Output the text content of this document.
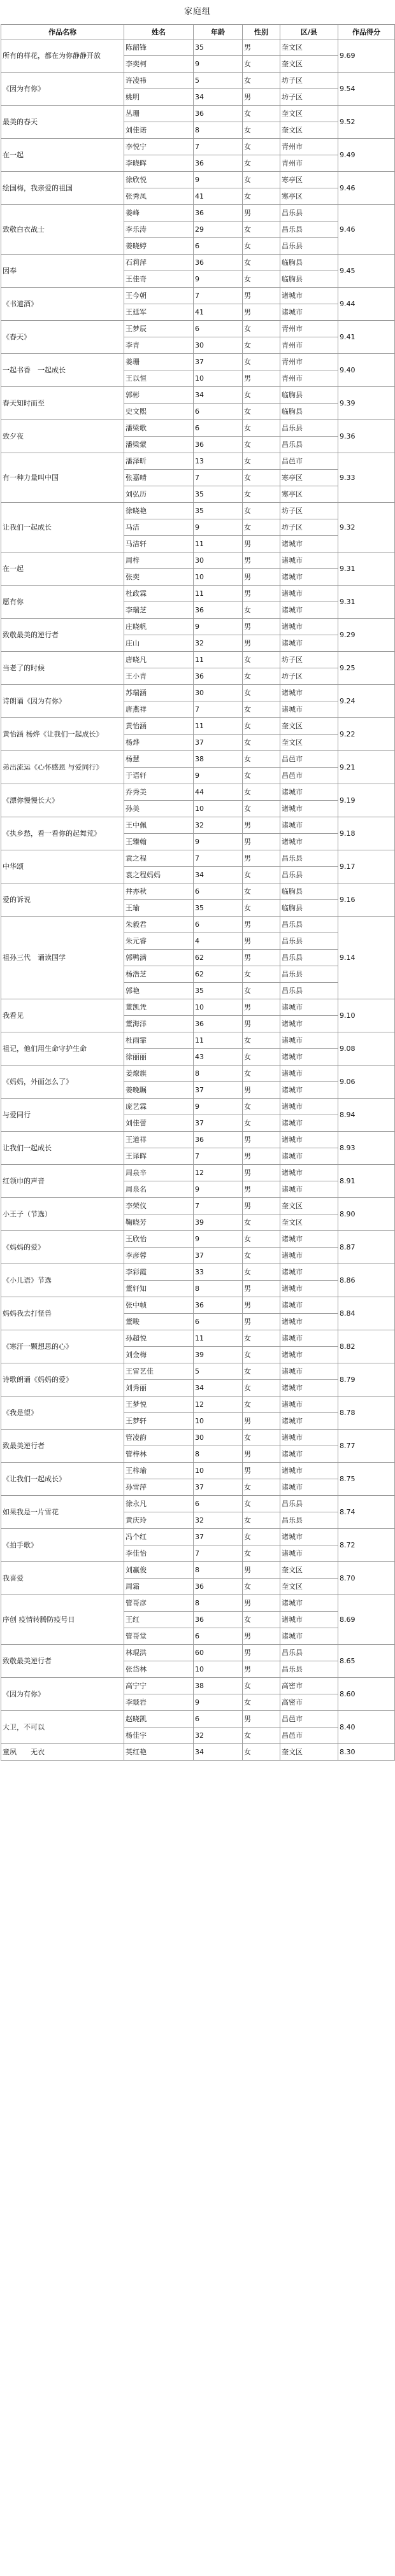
家庭组
作品名称	姓名	年龄	性别	区/县	作品得分
所有的样花，都在为你静静开放	陈韶锋	35	男	奎文区	9.69
	李奕柯	9	女	奎文区	
《因为有你》	许凌祎	5	女	坊子区	9.54
	姚明	34	男	坊子区	
最美的春天	丛珊	36	女	奎文区	9.52
	刘佳诺	8	女	奎文区	
在一起	李悦宁	7	女	青州市	9.49
	李晓晖	36	女	青州市	
绘国梅，我亲爱的祖国	徐欣悦	9	女	寒亭区	9.46
	张秀凤	41	女	寒亭区	
致敬白衣战士	姜峰	36	男	昌乐县	9.46
	李乐涛	29	女	昌乐县	
	姜晓婷	6	女	昌乐县	
因奉	石莉萍	36	女	临朐县	9.45
	王佳奇	9	女	临朐县	
《书道酒》	王今朝	7	男	诸城市	9.44
	王廷军	41	男	诸城市	
《春天》	王梦辰	6	女	青州市	9.41
	李青	30	女	青州市	
一起书香　一起成长	姜珊	37	女	青州市	9.40
	王以恒	10	男	青州市	
春天知时而至	郭彬	34	女	临朐县	9.39
	史文熙	6	女	临朐县	
致夕夜	潘梁歌	6	女	昌乐县	9.36
	潘梁蒙	36	女	昌乐县	
有一种力量叫中国	潘泽昕	13	女	昌邑市	9.33
	张嘉晴	7	女	寒亭区	
	刘弘历	35	女	寒亭区	
让我们一起成长	徐晓艳	35	女	坊子区	9.32
	马洁	9	女	坊子区	
	马洁轩	11	男	诸城市	
在一起	周梓	30	男	诸城市	9.31
	张奕	10	男	诸城市	
愿有你	杜政霖	11	男	诸城市	9.31
	李瑞芝	36	女	诸城市	
致敬最美的逆行者	庄晓帆	9	男	诸城市	9.29
	庄山	32	男	诸城市	
当老了的时候	唐晓凡	11	女	坊子区	9.25
	王小青	36	女	坊子区	
诗朗诵《因为有你》	苏瑞涵	30	女	诸城市	9.24
	唐燕祥	7	女	诸城市	
黄怡涵 杨烨《让我们一起成长》	黄怡涵	11	女	奎文区	9.22
	杨烨	37	女	奎文区	
弟出流运《心怀感恩 与爱同行》	杨慧	38	女	昌邑市	9.21
	于语轩	9	女	昌邑市	
《漂你慢慢长大》	乔秀美	44	女	诸城市	9.19
	孙美	10	女	诸城市	
《执乡愁，看一看你的起舞荒》	王中佩	32	男	诸城市	9.18
	王臻翰	9	男	诸城市	
中华颂	袁之程	7	男	昌乐县	9.17
	袁之程妈妈	34	女	昌乐县	
爱的诉说	井亦秋	6	女	临朐县	9.16
	王瑜	35	女	临朐县	
祖孙三代　诵读国学	朱毅君	6	男	昌乐县	9.14
	朱元睿	4	男	昌乐县	
	郭鸭满	62	男	昌乐县	
	杨浩芝	62	女	昌乐县	
	郭艳	35	女	昌乐县	
我看见	董凯凭	10	男	诸城市	9.10
	董海洋	36	男	诸城市	
祖记，他们用生命守护生命	杜雨霏	11	女	诸城市	9.08
	徐丽丽	43	女	诸城市	
《妈妈，外面怎么了》	姜燎旗	8	女	诸城市	9.06
	姜晚瞩	37	男	诸城市	
与爱同行	庞艺霖	9	女	诸城市	8.94
	刘佳蕾	37	女	诸城市	
让我们一起成长	王道祥	36	男	诸城市	8.93
	王译晖	7	男	诸城市	
红领巾的声音	周泉辛	12	男	诸城市	8.91
	周泉名	9	男	诸城市	
小王子（节选）	李荣仪	7	男	奎文区	8.90
	鞠晓芳	39	女	奎文区	
《妈妈的爱》	王欣怡	9	女	诸城市	8.87
	李彦蓉	37	女	诸城市	
《小儿语》节选	李彩霞	33	女	诸城市	8.86
	董轩知	8	男	诸城市	
妈妈我去打怪兽	张中帧	36	男	诸城市	8.84
	董畯	6	男	诸城市	
《寒汗一颗想思的心》	孙超悦	11	女	诸城市	8.82
	刘金梅	39	女	诸城市	
诗歌朗诵《妈妈的爱》	王雷艺佳	5	女	诸城市	8.79
	刘秀丽	34	女	诸城市	
《我是望》	王梦悦	12	女	诸城市	8.78
	王梦轩	10	男	诸城市	
致最美逆行者	管凌韵	30	女	诸城市	8.77
	管梓林	8	男	诸城市	
《让我们一起成长》	王梓瑜	10	男	诸城市	8.75
	孙雪萍	37	女	诸城市	
如果我是一片雪花	徐永凡	6	女	昌乐县	8.74
	黄庆玲	32	女	昌乐县	
《拍手歌》	冯个红	37	女	诸城市	8.72
	李佳怡	7	女	诸城市	
我喜爱	刘赢俊	8	男	奎文区	8.70
	周霜	36	女	奎文区	
序创 疫情转腾防疫号日	管哥彦	8	男	诸城市	8.69
	王红	36	女	诸城市	
	管哥堂	6	男	诸城市	
致敬最美逆行者	林琨洪	60	男	昌乐县	8.65
	张岱林	10	男	昌乐县	
《因为有你》	高宁宁	38	女	高密市	8.60
	李燚岩	9	女	高密市	
大卫，不可以	赵晓凯	6	男	昌邑市	8.40
	杨佳宇	32	女	昌邑市	
童夙　　无衣	英红艳	34	女	奎文区	8.30
